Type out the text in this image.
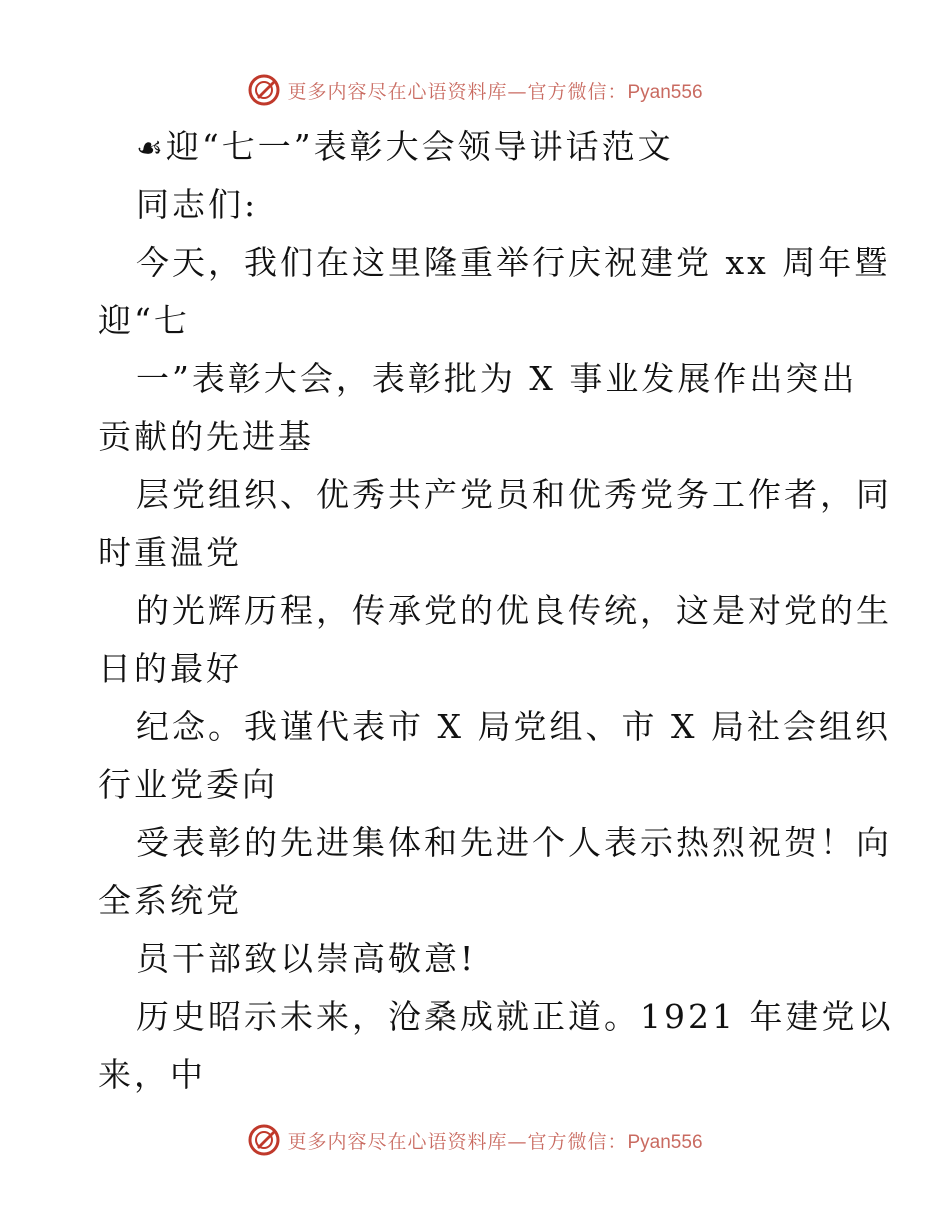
更多内容尽在心语资料库—官方微信：Pyan556
☙迎“七一”表彰大会领导讲话范文
同志们:
今天，我们在这里隆重举行庆祝建党 xx 周年暨
迎“七
一”表彰大会，表彰批为 X 事业发展作出突出
贡献的先进基
层党组织、优秀共产党员和优秀党务工作者，同
时重温党
的光辉历程，传承党的优良传统，这是对党的生
日的最好
纪念。我谨代表市 X 局党组、市 X 局社会组织
行业党委向
受表彰的先进集体和先进个人表示热烈祝贺！向
全系统党
员干部致以崇高敬意!
历史昭示未来，沧桑成就正道。1921 年建党以
来，中
更多内容尽在心语资料库—官方微信：Pyan556
